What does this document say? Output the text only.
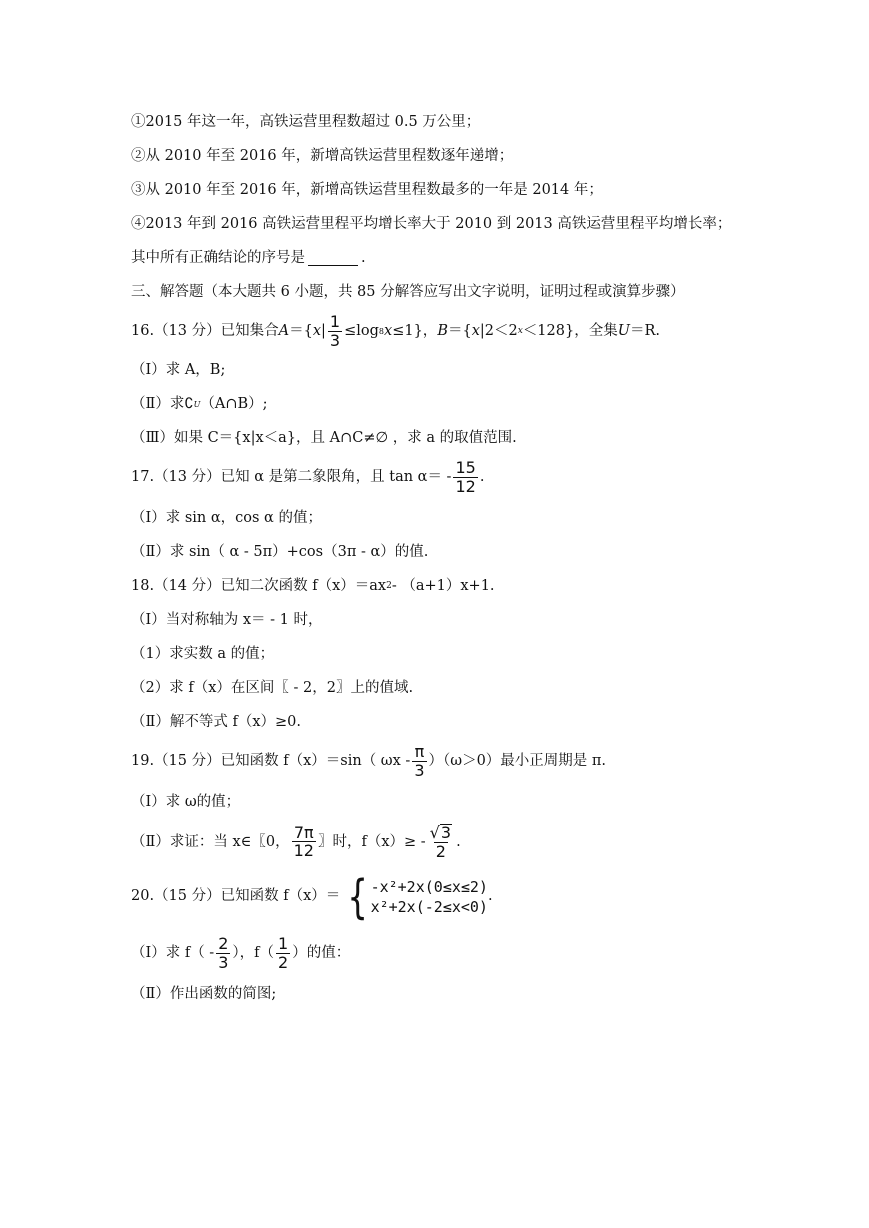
①2015 年这一年，高铁运营里程数超过 0.5 万公里；
②从 2010 年至 2016 年，新增高铁运营里程数逐年递增；
③从 2010 年至 2016 年，新增高铁运营里程数最多的一年是 2014 年；
④2013 年到 2016 高铁运营里程平均增长率大于 2010 到 2013 高铁运营里程平均增长率；
其中所有正确结论的序号是	.
三、解答题（本大题共 6 小题，共 85 分解答应写出文字说明，证明过程或演算步骤）
16.（13 分）已知集合 A ＝{ x | $\frac{1}{3} \le\log$ 8 x ≤1}， B ＝{ x |2＜2 x ＜128}，全集 U ＝R.
（Ⅰ）求 A，B;
（Ⅱ）求∁ U （A∩B）;
（Ⅲ）如果 C＝{x|x＜a}，且 A∩C≠∅ ，求 a 的取值范围.
17.（13 分）已知 α 是第二象限角，且 $\tan \alpha= - \frac{15}{12}$ .
（Ⅰ）求 sin α，cos α 的值；
（Ⅱ）求 sin（ α - 5π）+cos（3π - α）的值.
18.（14 分）已知二次函数 f（x）＝ax 2 - （a+1）x+1.
（Ⅰ）当对称轴为 x＝ - 1 时，
（1）求实数 a 的值；
（2）求 f（x）在区间〖 - 2，2〗上的值域.
（Ⅱ）解不等式 f（x）≥0.
19.（15 分）已知函数 f（x）＝sin（ $\omega x - \frac{\pi}{3} )(\omega>0)$最小正周期是 π.
（Ⅰ）求 ω的值；
（Ⅱ）求证：当 x∈〖0， $\frac{7\pi}{12}$ 〗时，$f(x)\ge - \frac{√ 3}{2}$ .
20.（15 分）已知函数 f（x）＝ { -x²+2x(0≤x≤2)
x²+2x(-2≤x<0)
.
（Ⅰ）求 $f( - \frac{2}{3}$ ），$f( \frac{1}{2}$ ）的值：
（Ⅱ）作出函数的简图;
